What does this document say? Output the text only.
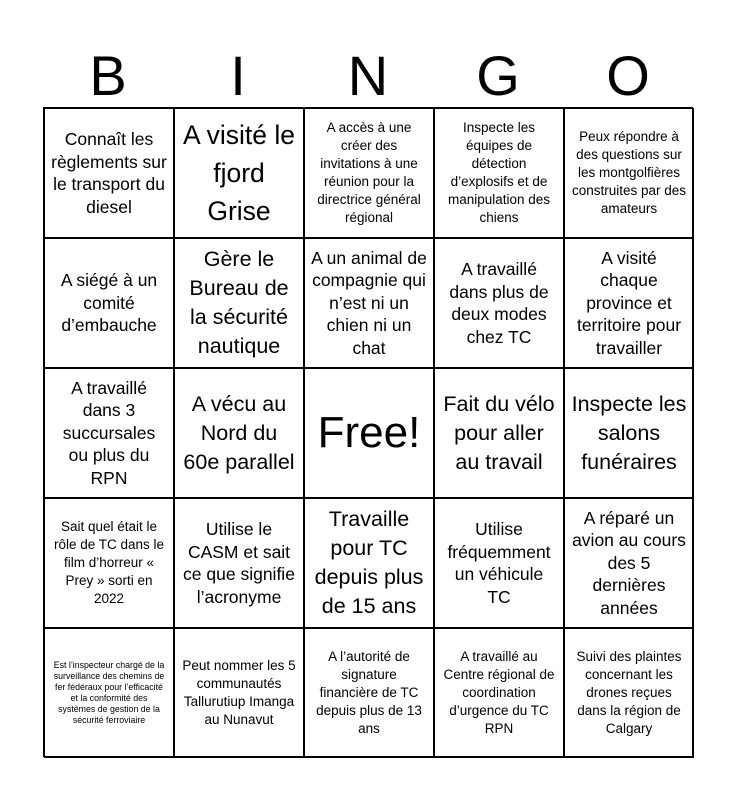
B	I	N	G	O
Connaît les règlements sur le transport du diesel
A visité le fjord Grise
A accès à une créer des invitations à une réunion pour la directrice général régional
Inspecte les équipes de détection d’explosifs et de manipulation des chiens
Peux répondre à des questions sur les montgolfières construites par des amateurs
A siégé à un comité d’embauche
Gère le Bureau de la sécurité nautique
A un animal de compagnie qui n’est ni un chien ni un chat
A travaillé dans plus de deux modes chez TC
A visité chaque province et territoire pour travailler
A travaillé dans 3 succursales ou plus du RPN
A vécu au Nord du 60e parallel
Free!
Fait du vélo pour aller au travail
Inspecte les salons funéraires
Sait quel était le rôle de TC dans le film d’horreur « Prey » sorti en 2022
Utilise le CASM et sait ce que signifie l’acronyme
Travaille pour TC depuis plus de 15 ans
Utilise fréquemment un véhicule TC
A réparé un avion au cours des 5 dernières années
Est l’inspecteur chargé de la surveillance des chemins de fer fédéraux pour l’efficacité et la conformité des systèmes de gestion de la sécurité ferroviaire
Peut nommer les 5 communautés Tallurutiup Imanga au Nunavut
A l’autorité de signature financière de TC depuis plus de 13 ans
A travaillé au Centre régional de coordination d’urgence du TC RPN
Suivi des plaintes concernant les drones reçues dans la région de Calgary
